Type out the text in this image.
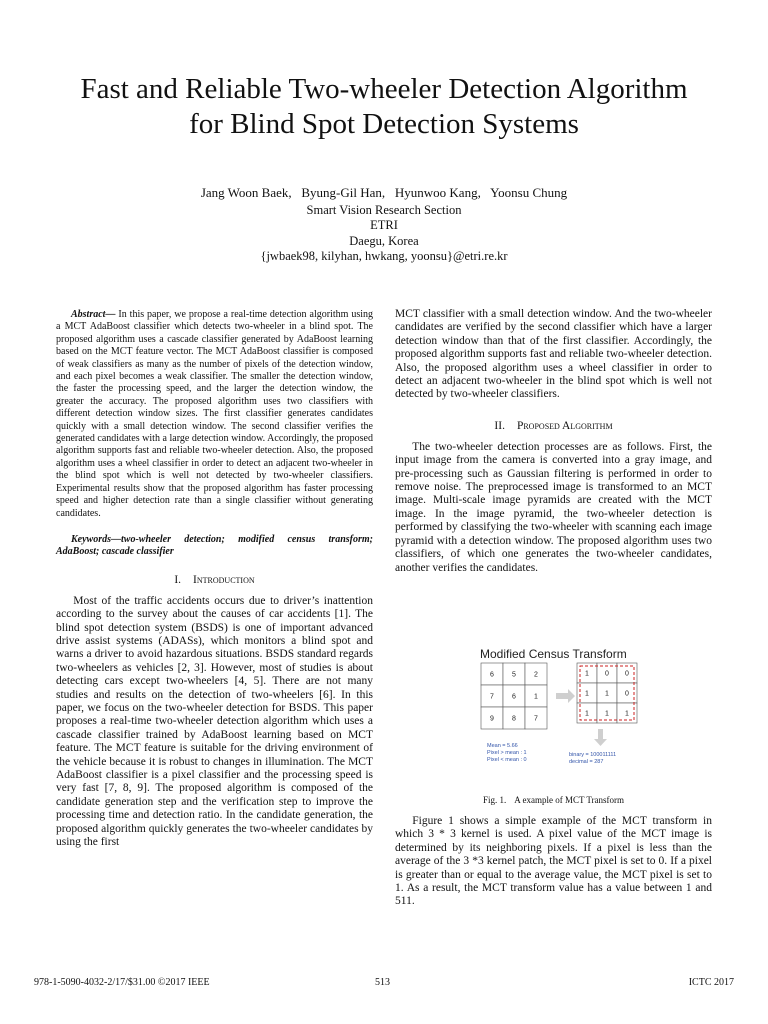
Fast and Reliable Two-wheeler Detection Algorithm
for Blind Spot Detection Systems
Jang Woon Baek,   Byung-Gil Han,   Hyunwoo Kang,   Yoonsu Chung
Smart Vision Research Section
ETRI
Daegu, Korea
{jwbaek98, kilyhan, hwkang, yoonsu}@etri.re.kr

Abstract— In this paper, we propose a real-time detection algorithm using a MCT AdaBoost classifier which detects two-wheeler in a blind spot. The proposed algorithm uses a cascade classifier generated by AdaBoost learning based on the MCT feature vector. The MCT AdaBoost classifier is composed of weak classifiers as many as the number of pixels of the detection window, and each pixel becomes a weak classifier. The smaller the detection window, the faster the processing speed, and the larger the detection window, the greater the accuracy. The proposed algorithm uses two classifiers with different detection window sizes. The first classifier generates candidates quickly with a small detection window. The second classifier verifies the generated candidates with a large detection window. Accordingly, the proposed algorithm supports fast and reliable two-wheeler detection. Also, the proposed algorithm uses a wheel classifier in order to detect an adjacent two-wheeler in the blind spot which is well not detected by two-wheeler classifiers. Experimental results show that the proposed algorithm has faster processing speed and higher detection rate than a single classifier without generating candidates.

Keywords—two-wheeler detection; modified census transform; AdaBoost; cascade classifier

I. Introduction

Most of the traffic accidents occurs due to driver’s inattention according to the survey about the causes of car accidents [1]. The blind spot detection system (BSDS) is one of important advanced drive assist systems (ADASs), which monitors a blind spot and warns a driver to avoid hazardous situations. BSDS standard regards two-wheelers as vehicles [2, 3]. However, most of studies is about detecting cars except two-wheelers [4, 5]. There are not many studies and results on the detection of two-wheelers [6]. In this paper, we focus on the two-wheeler detection for BSDS. This paper proposes a real-time two-wheeler detection algorithm which uses a cascade classifier trained by AdaBoost learning based on MCT feature. The MCT feature is suitable for the driving environment of the vehicle because it is robust to changes in illumination. The MCT AdaBoost classifier is a pixel classifier and the processing speed is very fast [7, 8, 9]. The proposed algorithm is composed of the candidate generation step and the verification step to improve the processing time and detection ratio. In the candidate generation, the proposed algorithm quickly generates the two-wheeler candidates by using the first

MCT classifier with a small detection window. And the two-wheeler candidates are verified by the second classifier which have a larger detection window than that of the first classifier. Accordingly, the proposed algorithm supports fast and reliable two-wheeler detection. Also, the proposed algorithm uses a wheel classifier in order to detect an adjacent two-wheeler in the blind spot which is well not detected by two-wheeler classifiers.

II. Proposed Algorithm

The two-wheeler detection processes are as follows. First, the input image from the camera is converted into a gray image, and pre-processing such as Gaussian filtering is performed in order to remove noise. The preprocessed image is transformed to an MCT image. Multi-scale image pyramids are created with the MCT image. In the image pyramid, the two-wheeler detection is performed by classifying the two-wheeler with scanning each image pyramid with a detection window. The proposed algorithm uses two classifiers, of which one generates the two-wheeler candidates, another verifies the candidates.

Modified Census Transform
6	5	2
7	6	1
9	8	7
1 0 0
1 1 0
1 1 1
Mean = 5.66
Pixel > mean : 1
Pixel < mean : 0
binary = 100011111
decimal = 287
Fig. 1. A example of MCT Transform

Figure 1 shows a simple example of the MCT transform in which 3 * 3 kernel is used. A pixel value of the MCT image is determined by its neighboring pixels. If a pixel is less than the average of the 3 *3 kernel patch, the MCT pixel is set to 0. If a pixel is greater than or equal to the average value, the MCT pixel is set to 1. As a result, the MCT transform value has a value between 1 and 511.

978-1-5090-4032-2/17/$31.00 ©2017 IEEE	513	ICTC 2017
